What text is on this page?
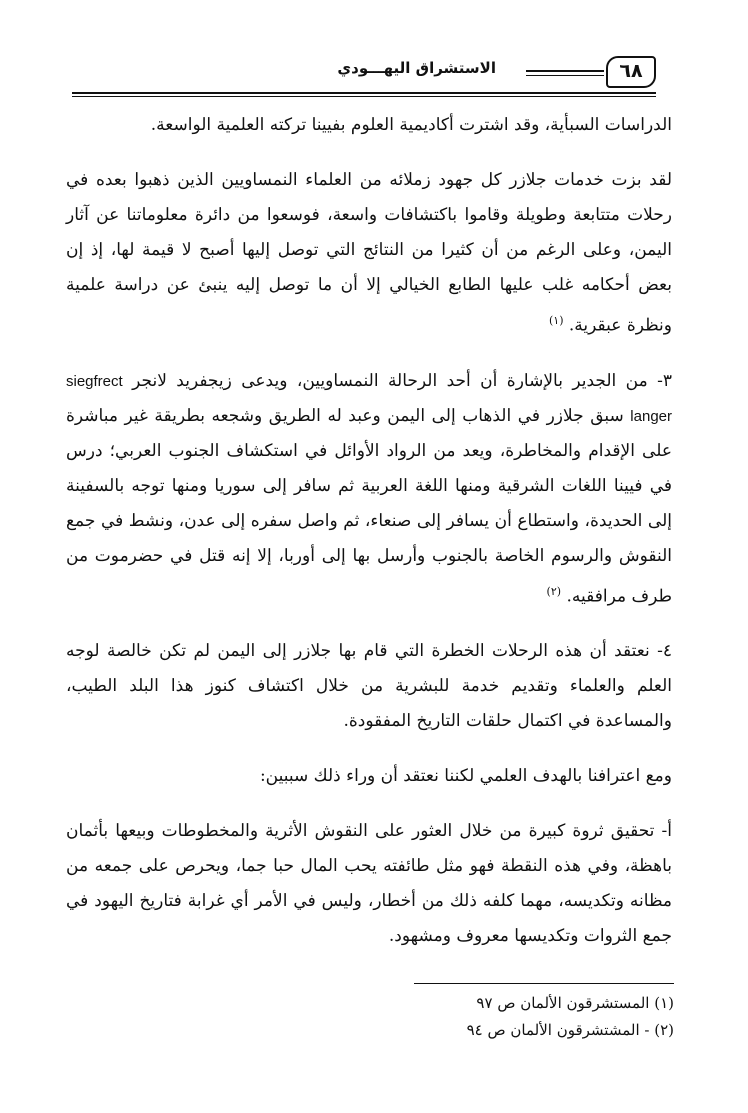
٦٨
الاستشراق اليهـــودي

الدراسات السبأية، وقد اشترت أكاديمية العلوم بفيينا تركته العلمية الواسعة.

لقد بزت خدمات جلازر كل جهود زملائه من العلماء النمساويين الذين ذهبوا بعده في رحلات متتابعة وطويلة وقاموا باكتشافات واسعة، فوسعوا من دائرة معلوماتنا عن آثار اليمن، وعلى الرغم من أن كثيرا من النتائج التي توصل إليها أصبح لا قيمة لها، إذ إن بعض أحكامه غلب عليها الطابع الخيالي إلا أن ما توصل إليه ينبئ عن دراسة علمية ونظرة عبقرية. $^{(١)}$

٣- من الجدير بالإشارة أن أحد الرحالة النمساويين، ويدعى زيجفريد لانجر siegfrect langer سبق جلازر في الذهاب إلى اليمن وعبد له الطريق وشجعه بطريقة غير مباشرة على الإقدام والمخاطرة، ويعد من الرواد الأوائل في استكشاف الجنوب العربي؛ درس في فيينا اللغات الشرقية ومنها اللغة العربية ثم سافر إلى سوريا ومنها توجه بالسفينة إلى الحديدة، واستطاع أن يسافر إلى صنعاء، ثم واصل سفره إلى عدن، ونشط في جمع النقوش والرسوم الخاصة بالجنوب وأرسل بها إلى أوربا، إلا إنه قتل في حضرموت من طرف مرافقيه. $^{(٢)}$

٤- نعتقد أن هذه الرحلات الخطرة التي قام بها جلازر إلى اليمن لم تكن خالصة لوجه العلم والعلماء وتقديم خدمة للبشرية من خلال اكتشاف كنوز هذا البلد الطيب، والمساعدة في اكتمال حلقات التاريخ المفقودة.

ومع اعترافنا بالهدف العلمي لكننا نعتقد أن وراء ذلك سببين:

أ- تحقيق ثروة كبيرة من خلال العثور على النقوش الأثرية والمخطوطات وبيعها بأثمان باهظة، وفي هذه النقطة فهو مثل طائفته يحب المال حبا جما، ويحرص على جمعه من مظانه وتكديسه، مهما كلفه ذلك من أخطار، وليس في الأمر أي غرابة فتاريخ اليهود في جمع الثروات وتكديسها معروف ومشهود.

(١) المستشرقون الألمان ص ٩٧
(٢) - المشتشرقون الألمان ص ٩٤
